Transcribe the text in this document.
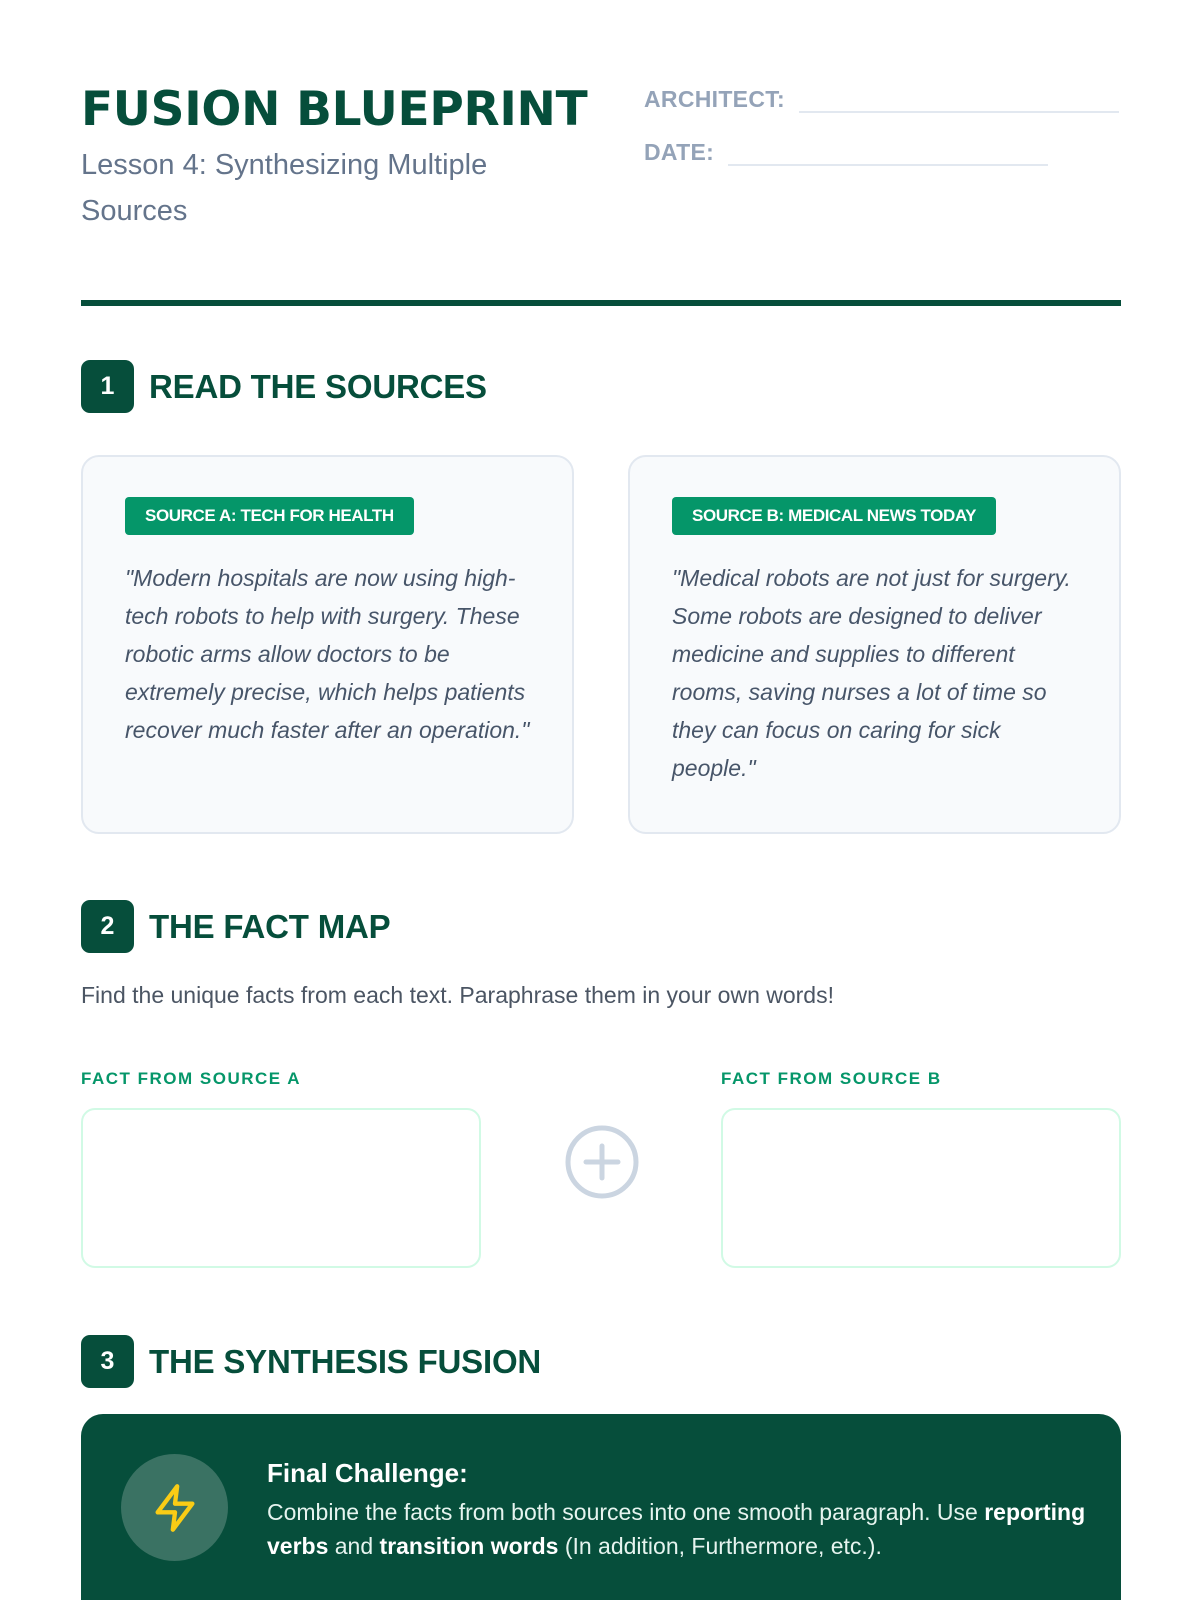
FUSION BLUEPRINT
Lesson 4: Synthesizing Multiple Sources
ARCHITECT:
DATE:
1	READ THE SOURCES
SOURCE A: TECH FOR HEALTH

"Modern hospitals are now using high-tech robots to help with surgery. These robotic arms allow doctors to be extremely precise, which helps patients recover much faster after an operation."

SOURCE B: MEDICAL NEWS TODAY

"Medical robots are not just for surgery. Some robots are designed to deliver medicine and supplies to different rooms, saving nurses a lot of time so they can focus on caring for sick people."

2	THE FACT MAP
Find the unique facts from each text. Paraphrase them in your own words!
FACT FROM SOURCE A	FACT FROM SOURCE B
3	THE SYNTHESIS FUSION
Final Challenge:
Combine the facts from both sources into one smooth paragraph. Use reporting verbs and transition words (In addition, Furthermore, etc.).
